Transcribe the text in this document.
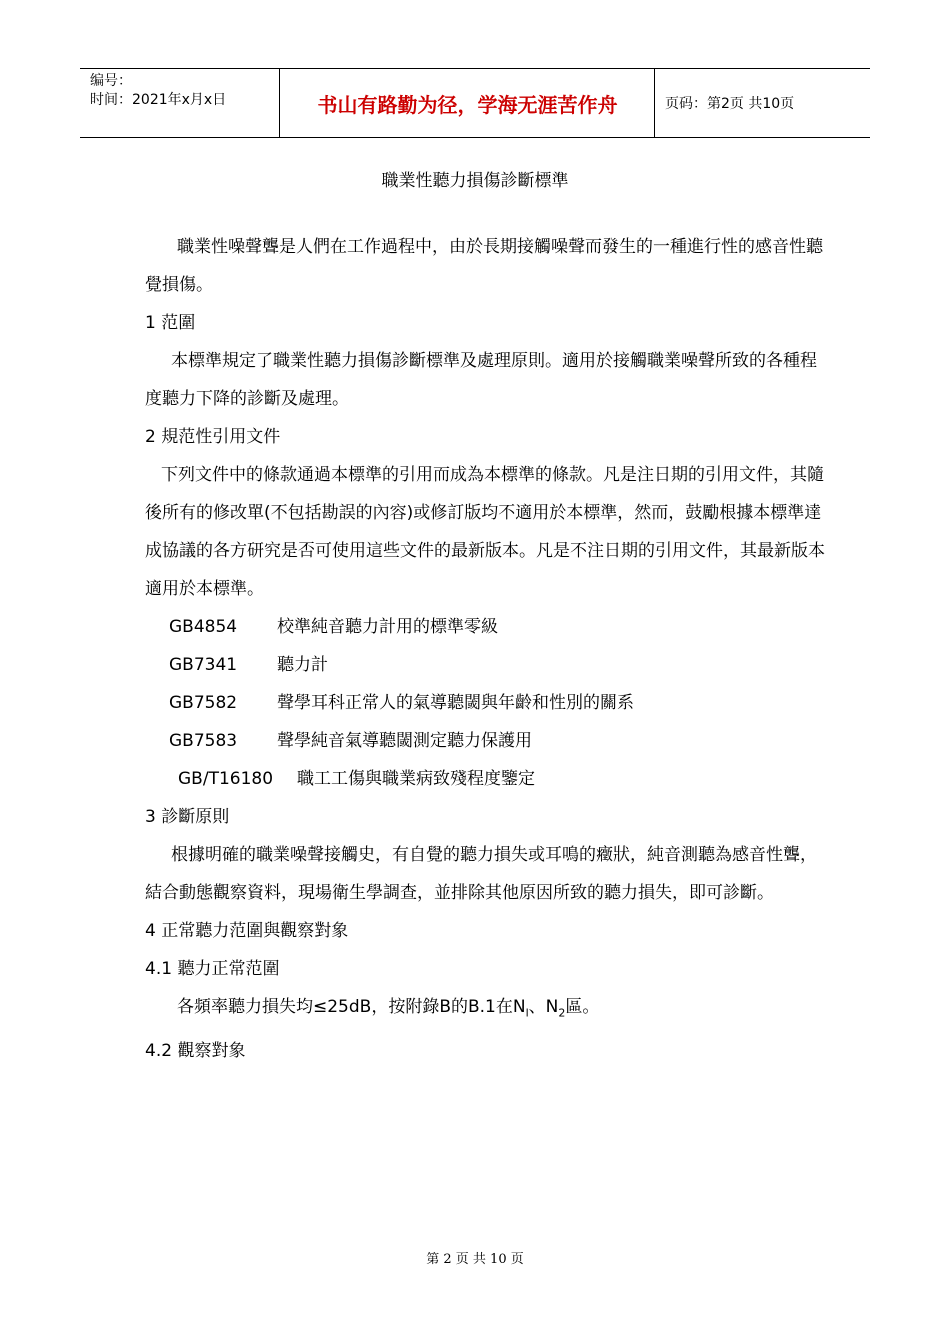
编号：
时间：2021年x月x日	书山有路勤为径，学海无涯苦作舟	页码：第2页 共10页
職業性聽力損傷診斷標準

職業性噪聲聾是人們在工作過程中，由於長期接觸噪聲而發生的一種進行性的感音性聽覺損傷。

1 范圍

本標準規定了職業性聽力損傷診斷標準及處理原則。適用於接觸職業噪聲所致的各種程度聽力下降的診斷及處理。

2 規范性引用文件

下列文件中的條款通過本標準的引用而成為本標準的條款。凡是注日期的引用文件，其隨後所有的修改單(不包括勘誤的內容)或修訂版均不適用於本標準，然而，鼓勵根據本標準達成協議的各方研究是否可使用這些文件的最新版本。凡是不注日期的引用文件，其最新版本適用於本標準。

GB4854	校準純音聽力計用的標準零級
GB7341	聽力計
GB7582	聲學耳科正常人的氣導聽閾與年齡和性別的關系
GB7583	聲學純音氣導聽閾測定聽力保護用
GB/T16180	職工工傷與職業病致殘程度鑒定

3 診斷原則

根據明確的職業噪聲接觸史，有自覺的聽力損失或耳鳴的癥狀，純音測聽為感音性聾，結合動態觀察資料，現場衛生學調查，並排除其他原因所致的聽力損失，即可診斷。

4 正常聽力范圍與觀察對象

4.1 聽力正常范圍

各頻率聽力損失均≤25dB，按附錄B的B.1在$N_l$、$N_2$區。

4.2 觀察對象

第 2 页 共 10 页
